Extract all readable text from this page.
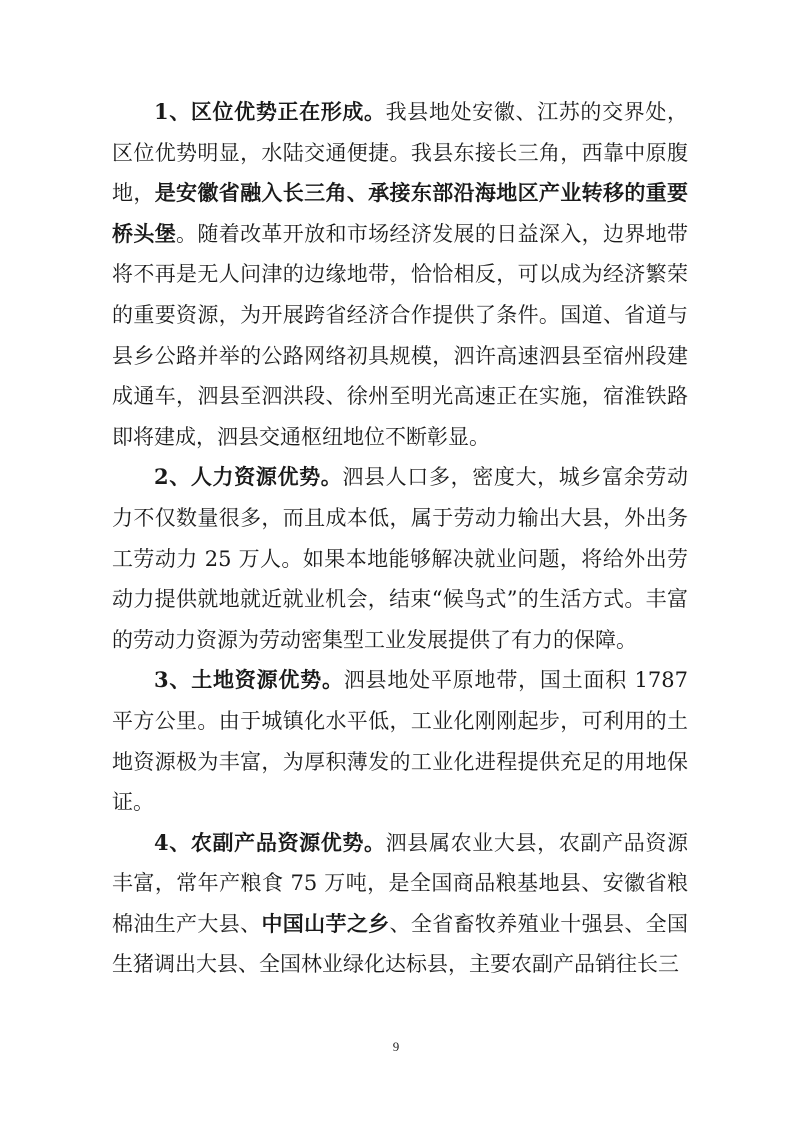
1、区位优势正在形成。我县地处安徽、江苏的交界处，区位优势明显，水陆交通便捷。我县东接长三角，西靠中原腹地，是安徽省融入长三角、承接东部沿海地区产业转移的重要桥头堡。随着改革开放和市场经济发展的日益深入，边界地带将不再是无人问津的边缘地带，恰恰相反，可以成为经济繁荣的重要资源，为开展跨省经济合作提供了条件。国道、省道与县乡公路并举的公路网络初具规模，泗许高速泗县至宿州段建成通车，泗县至泗洪段、徐州至明光高速正在实施，宿淮铁路即将建成，泗县交通枢纽地位不断彰显。

2、人力资源优势。泗县人口多，密度大，城乡富余劳动力不仅数量很多，而且成本低，属于劳动力输出大县，外出务工劳动力 25 万人。如果本地能够解决就业问题，将给外出劳动力提供就地就近就业机会，结束“候鸟式”的生活方式。丰富的劳动力资源为劳动密集型工业发展提供了有力的保障。

3、土地资源优势。泗县地处平原地带，国土面积 1787 平方公里。由于城镇化水平低，工业化刚刚起步，可利用的土地资源极为丰富，为厚积薄发的工业化进程提供充足的用地保证。

4、农副产品资源优势。泗县属农业大县，农副产品资源丰富，常年产粮食 75 万吨，是全国商品粮基地县、安徽省粮棉油生产大县、中国山芋之乡、全省畜牧养殖业十强县、全国生猪调出大县、全国林业绿化达标县，主要农副产品销往长三

9
